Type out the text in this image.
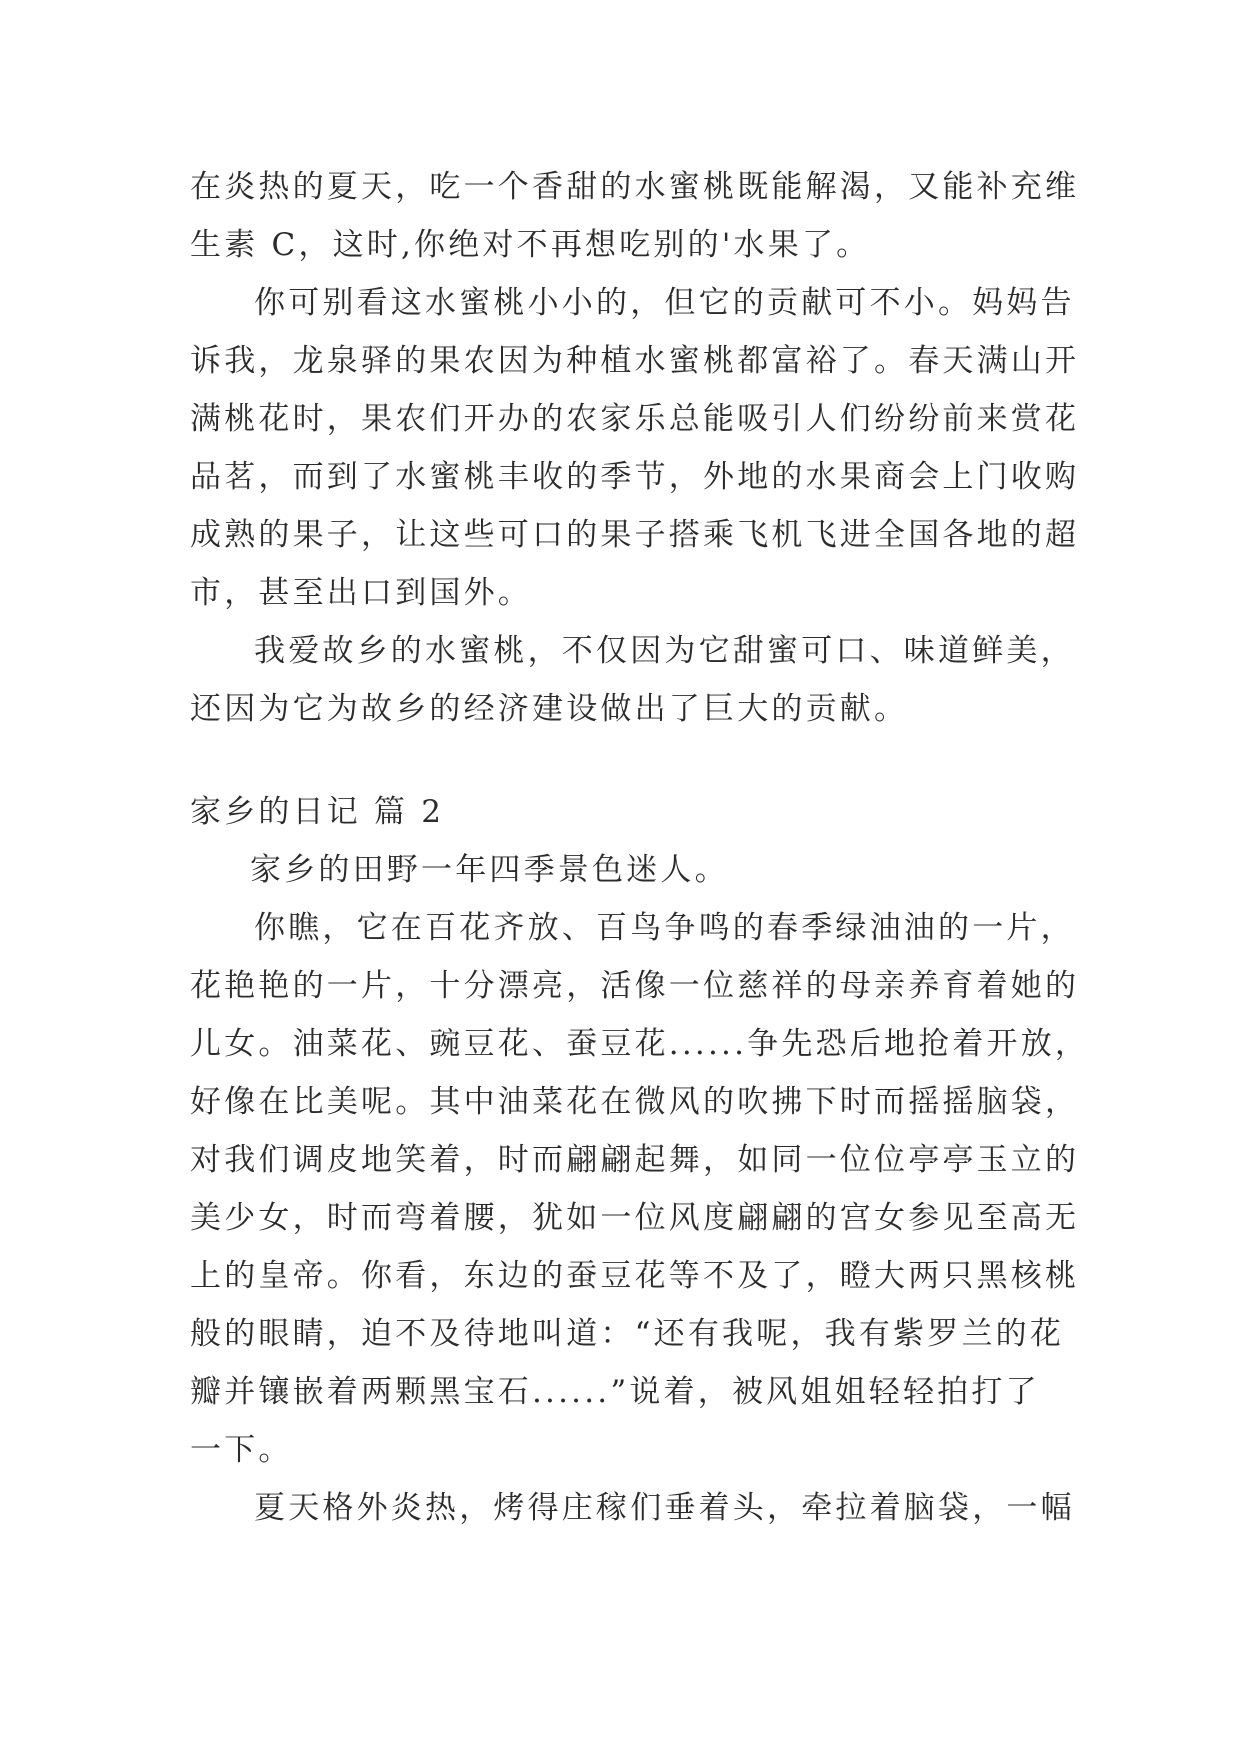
在炎热的夏天，吃一个香甜的水蜜桃既能解渴，又能补充维
生素 C，这时,你绝对不再想吃别的'水果了。
你可别看这水蜜桃小小的，但它的贡献可不小。妈妈告
诉我，龙泉驿的果农因为种植水蜜桃都富裕了。春天满山开
满桃花时，果农们开办的农家乐总能吸引人们纷纷前来赏花
品茗，而到了水蜜桃丰收的季节，外地的水果商会上门收购
成熟的果子，让这些可口的果子搭乘飞机飞进全国各地的超
市，甚至出口到国外。
我爱故乡的水蜜桃，不仅因为它甜蜜可口、味道鲜美，
还因为它为故乡的经济建设做出了巨大的贡献。
家乡的日记 篇 2
家乡的田野一年四季景色迷人。
你瞧，它在百花齐放、百鸟争鸣的春季绿油油的一片，
花艳艳的一片，十分漂亮，活像一位慈祥的母亲养育着她的
儿女。油菜花、豌豆花、蚕豆花......争先恐后地抢着开放，
好像在比美呢。其中油菜花在微风的吹拂下时而摇摇脑袋，
对我们调皮地笑着，时而翩翩起舞，如同一位位亭亭玉立的
美少女，时而弯着腰，犹如一位风度翩翩的宫女参见至高无
上的皇帝。你看，东边的蚕豆花等不及了，瞪大两只黑核桃
般的眼睛，迫不及待地叫道：“还有我呢，我有紫罗兰的花
瓣并镶嵌着两颗黑宝石......”说着，被风姐姐轻轻拍打了
一下。
夏天格外炎热，烤得庄稼们垂着头，牵拉着脑袋，一幅
